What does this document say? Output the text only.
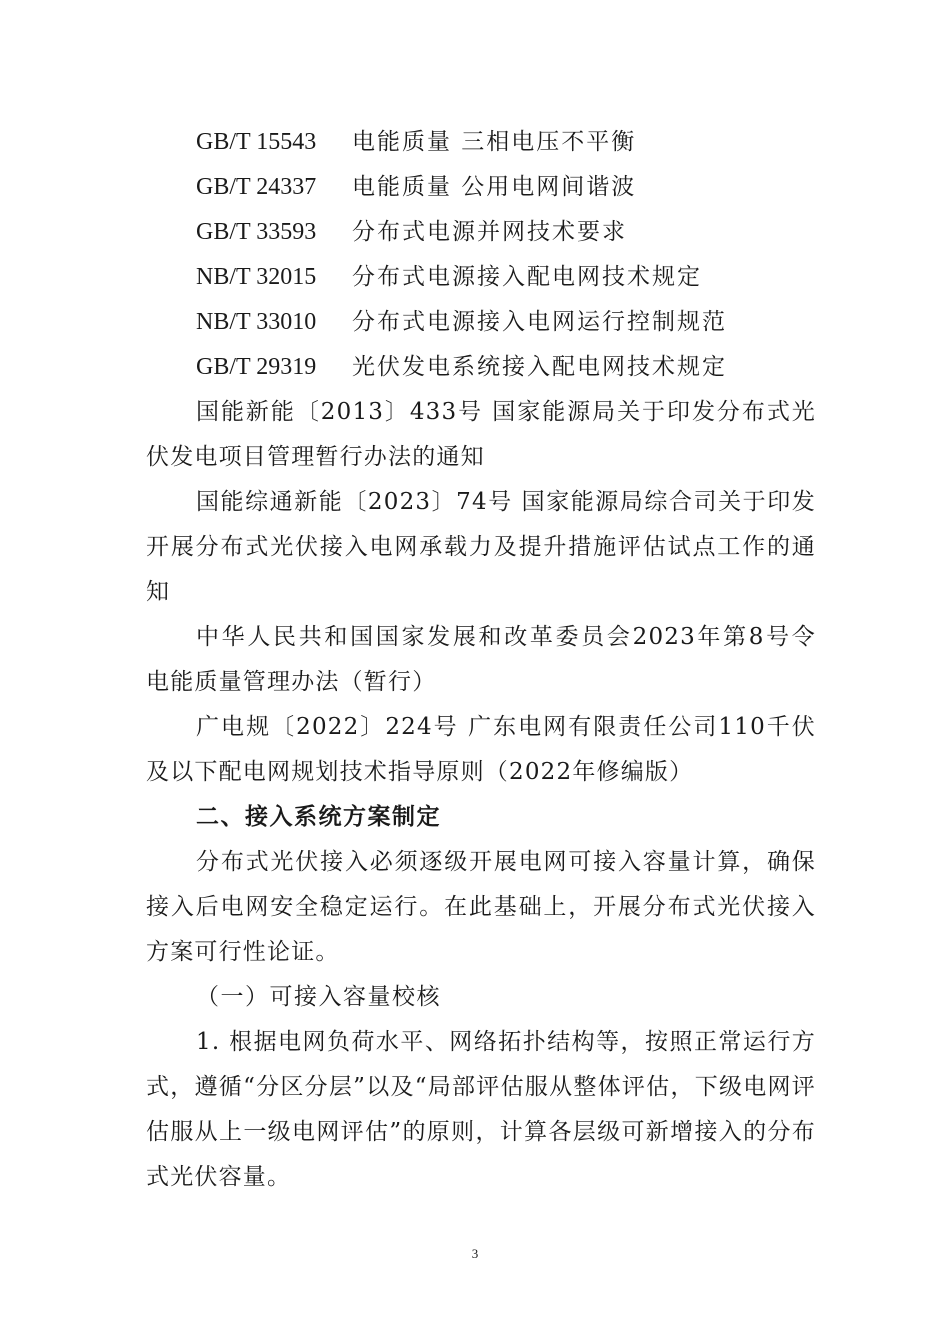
GB/T 15543	电能质量 三相电压不平衡
GB/T 24337	电能质量 公用电网间谐波
GB/T 33593	分布式电源并网技术要求
NB/T 32015	分布式电源接入配电网技术规定
NB/T 33010	分布式电源接入电网运行控制规范
GB/T 29319	光伏发电系统接入配电网技术规定

国能新能〔2013〕433号 国家能源局关于印发分布式光伏发电项目管理暂行办法的通知

国能综通新能〔2023〕74号 国家能源局综合司关于印发开展分布式光伏接入电网承载力及提升措施评估试点工作的通知

中华人民共和国国家发展和改革委员会2023年第8号令 电能质量管理办法（暂行）

广电规〔2022〕224号 广东电网有限责任公司110千伏及以下配电网规划技术指导原则（2022年修编版）

二、接入系统方案制定

分布式光伏接入必须逐级开展电网可接入容量计算，确保接入后电网安全稳定运行。在此基础上，开展分布式光伏接入方案可行性论证。

（一）可接入容量校核

1. 根据电网负荷水平、网络拓扑结构等，按照正常运行方式，遵循“分区分层”以及“局部评估服从整体评估，下级电网评估服从上一级电网评估”的原则，计算各层级可新增接入的分布式光伏容量。

3
